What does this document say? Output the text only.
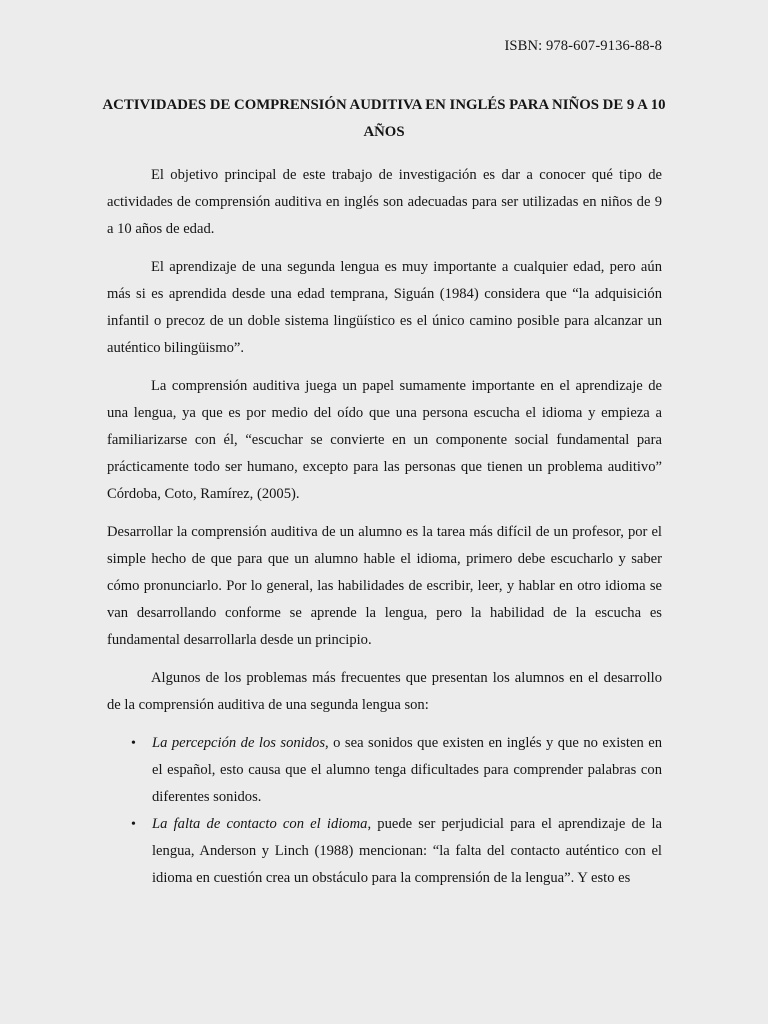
ISBN: 978-607-9136-88-8
ACTIVIDADES DE COMPRENSIÓN AUDITIVA EN INGLÉS PARA NIÑOS DE 9 A 10 AÑOS

El objetivo principal de este trabajo de investigación es dar a conocer qué tipo de actividades de comprensión auditiva en inglés son adecuadas para ser utilizadas en niños de 9 a 10 años de edad.

El aprendizaje de una segunda lengua es muy importante a cualquier edad, pero aún más si es aprendida desde una edad temprana, Siguán (1984) considera que “la adquisición infantil o precoz de un doble sistema lingüístico es el único camino posible para alcanzar un auténtico bilingüismo”.

La comprensión auditiva juega un papel sumamente importante en el aprendizaje de una lengua, ya que es por medio del oído que una persona escucha el idioma y empieza a familiarizarse con él, “escuchar se convierte en un componente social fundamental para prácticamente todo ser humano, excepto para las personas que tienen un problema auditivo” Córdoba, Coto, Ramírez, (2005).

Desarrollar la comprensión auditiva de un alumno es la tarea más difícil de un profesor, por el simple hecho de que para que un alumno hable el idioma, primero debe escucharlo y saber cómo pronunciarlo. Por lo general, las habilidades de escribir, leer, y hablar en otro idioma se van desarrollando conforme se aprende la lengua, pero la habilidad de la escucha es fundamental desarrollarla desde un principio.

Algunos de los problemas más frecuentes que presentan los alumnos en el desarrollo de la comprensión auditiva de una segunda lengua son:

• La percepción de los sonidos, o sea sonidos que existen en inglés y que no existen en el español, esto causa que el alumno tenga dificultades para comprender palabras con diferentes sonidos.
• La falta de contacto con el idioma, puede ser perjudicial para el aprendizaje de la lengua, Anderson y Linch (1988) mencionan: “la falta del contacto auténtico con el idioma en cuestión crea un obstáculo para la comprensión de la lengua”. Y esto es
